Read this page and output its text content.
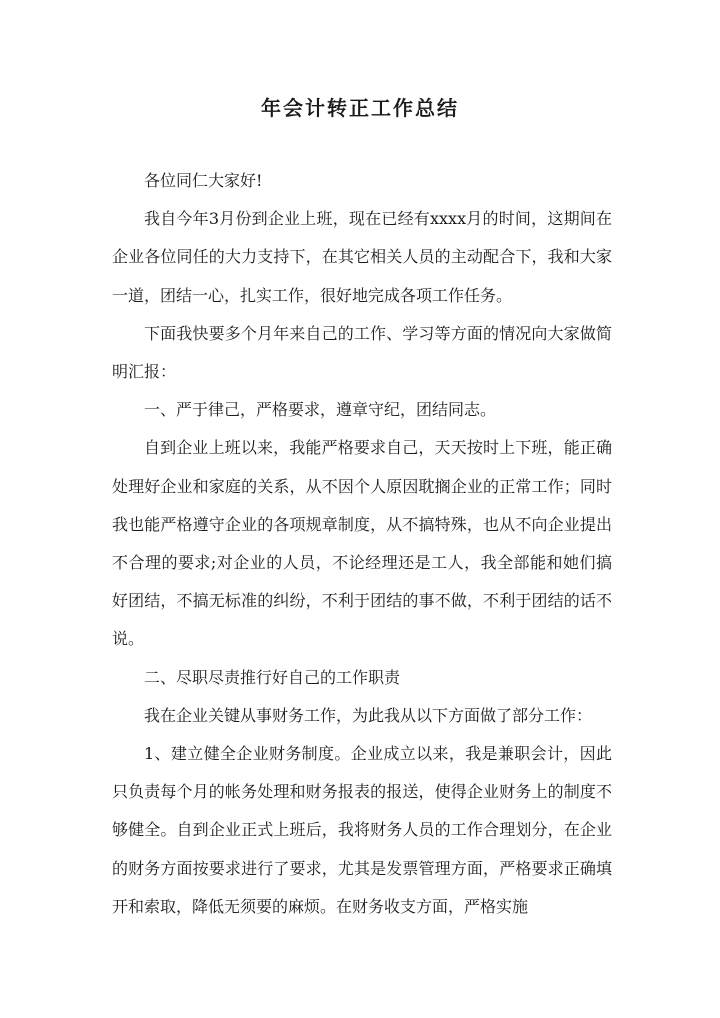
年会计转正工作总结

各位同仁大家好!

我自今年3月份到企业上班，现在已经有xxxx月的时间，这期间在企业各位同任的大力支持下，在其它相关人员的主动配合下，我和大家一道，团结一心，扎实工作，很好地完成各项工作任务。

下面我快要多个月年来自己的工作、学习等方面的情况向大家做简明汇报：

一、严于律己，严格要求，遵章守纪，团结同志。

自到企业上班以来，我能严格要求自己，天天按时上下班，能正确处理好企业和家庭的关系，从不因个人原因耽搁企业的正常工作；同时我也能严格遵守企业的各项规章制度，从不搞特殊，也从不向企业提出不合理的要求;对企业的人员，不论经理还是工人，我全部能和她们搞好团结，不搞无标准的纠纷，不利于团结的事不做，不利于团结的话不说。

二、尽职尽责推行好自己的工作职责

我在企业关键从事财务工作，为此我从以下方面做了部分工作：

1、建立健全企业财务制度。企业成立以来，我是兼职会计，因此只负责每个月的帐务处理和财务报表的报送，使得企业财务上的制度不够健全。自到企业正式上班后，我将财务人员的工作合理划分，在企业的财务方面按要求进行了要求，尤其是发票管理方面，严格要求正确填开和索取，降低无须要的麻烦。在财务收支方面，严格实施
